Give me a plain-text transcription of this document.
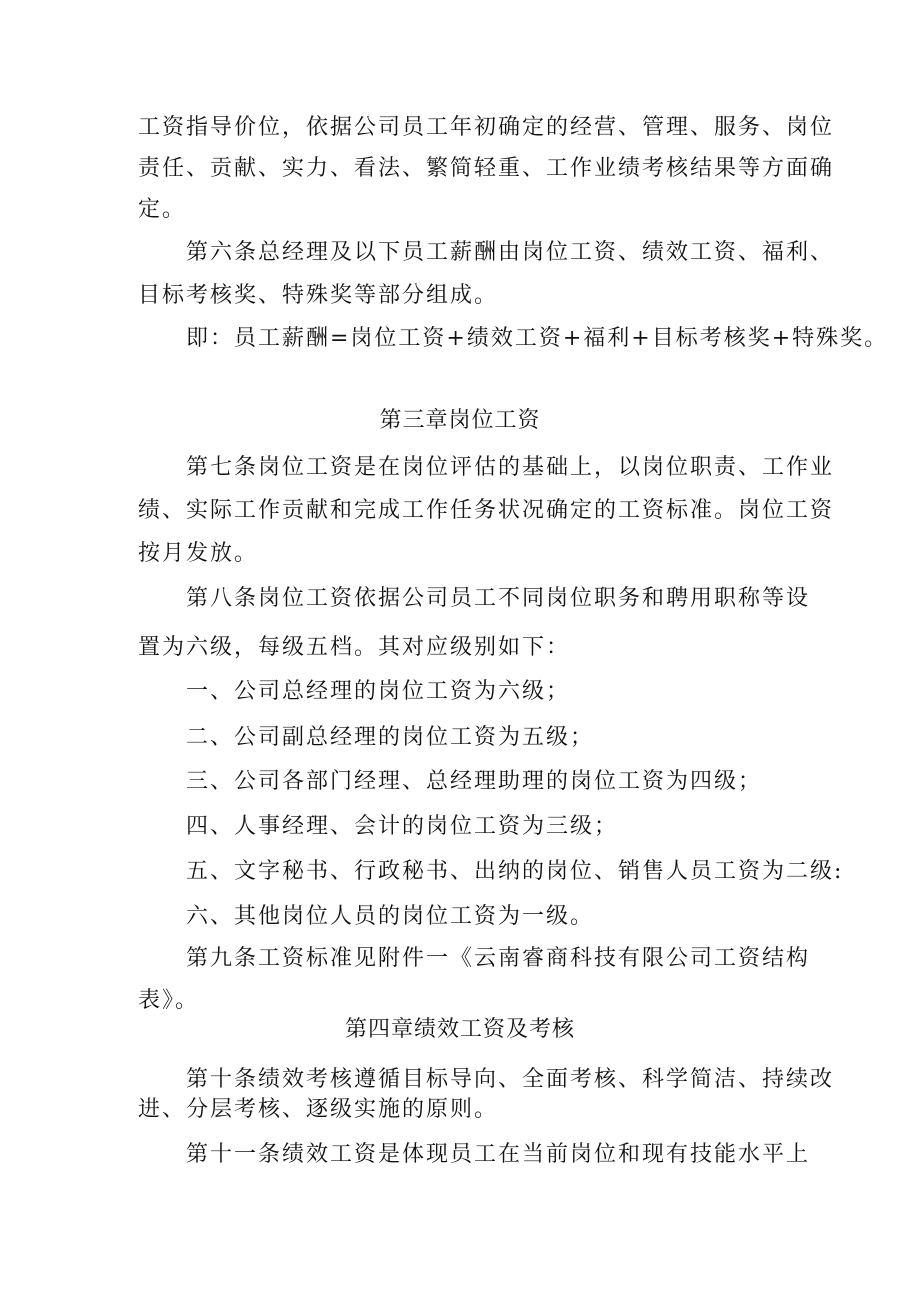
工资指导价位，依据公司员工年初确定的经营、管理、服务、岗位
责任、贡献、实力、看法、繁简轻重、工作业绩考核结果等方面确
定。
第六条总经理及以下员工薪酬由岗位工资、绩效工资、福利、
目标考核奖、特殊奖等部分组成。
即：员工薪酬=岗位工资+绩效工资+福利+目标考核奖+特殊奖。
第三章岗位工资
第七条岗位工资是在岗位评估的基础上，以岗位职责、工作业
绩、实际工作贡献和完成工作任务状况确定的工资标准。岗位工资
按月发放。
第八条岗位工资依据公司员工不同岗位职务和聘用职称等设
置为六级，每级五档。其对应级别如下：
一、公司总经理的岗位工资为六级；
二、公司副总经理的岗位工资为五级；
三、公司各部门经理、总经理助理的岗位工资为四级；
四、人事经理、会计的岗位工资为三级；
五、文字秘书、行政秘书、出纳的岗位、销售人员工资为二级:
六、其他岗位人员的岗位工资为一级。
第九条工资标准见附件一《云南睿商科技有限公司工资结构
表》。
第四章绩效工资及考核
第十条绩效考核遵循目标导向、全面考核、科学简洁、持续改
进、分层考核、逐级实施的原则。
第十一条绩效工资是体现员工在当前岗位和现有技能水平上
